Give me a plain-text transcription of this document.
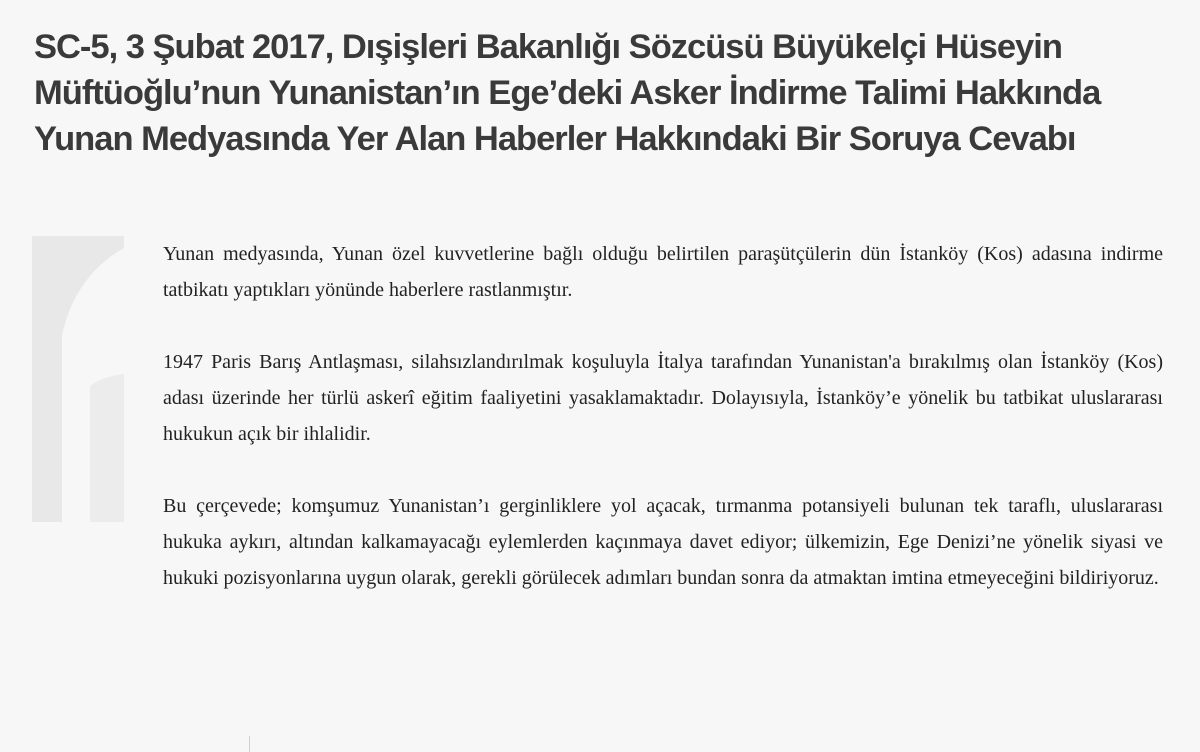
SC-5, 3 Şubat 2017, Dışişleri Bakanlığı Sözcüsü Büyükelçi Hüseyin Müftüoğlu’nun Yunanistan’ın Ege’deki Asker İndirme Talimi Hakkında Yunan Medyasında Yer Alan Haberler Hakkındaki Bir Soruya Cevabı

Yunan medyasında, Yunan özel kuvvetlerine bağlı olduğu belirtilen paraşütçülerin dün İstanköy (Kos) adasına indirme tatbikatı yaptıkları yönünde haberlere rastlanmıştır.

1947 Paris Barış Antlaşması, silahsızlandırılmak koşuluyla İtalya tarafından Yunanistan'a bırakılmış olan İstanköy (Kos) adası üzerinde her türlü askerî eğitim faaliyetini yasaklamaktadır. Dolayısıyla, İstanköy’e yönelik bu tatbikat uluslararası hukukun açık bir ihlalidir.

Bu çerçevede; komşumuz Yunanistan’ı gerginliklere yol açacak, tırmanma potansiyeli bulunan tek taraflı, uluslararası hukuka aykırı, altından kalkamayacağı eylemlerden kaçınmaya davet ediyor; ülkemizin, Ege Denizi’ne yönelik siyasi ve hukuki pozisyonlarına uygun olarak, gerekli görülecek adımları bundan sonra da atmaktan imtina etmeyeceğini bildiriyoruz.
